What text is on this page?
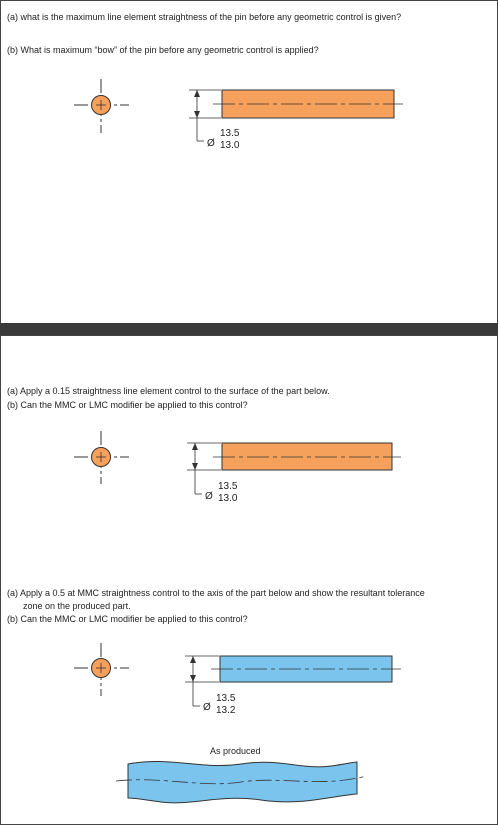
(a) what is the maximum line element straightness of the pin before any geometric control is given?
(b) What is maximum “bow” of the pin before any geometric control is applied?
Ø
13.5
13.0
(a) Apply a 0.15 straightness line element control to the surface of the part below.
(b) Can the MMC or LMC modifier be applied to this control?
(a) Apply a 0.5 at MMC straightness control to the axis of the part below and show the resultant tolerance
zone on the produced part.
(b) Can the MMC or LMC modifier be applied to this control?
Ø
13.5
13.0
Ø
13.5
13.2
As produced
